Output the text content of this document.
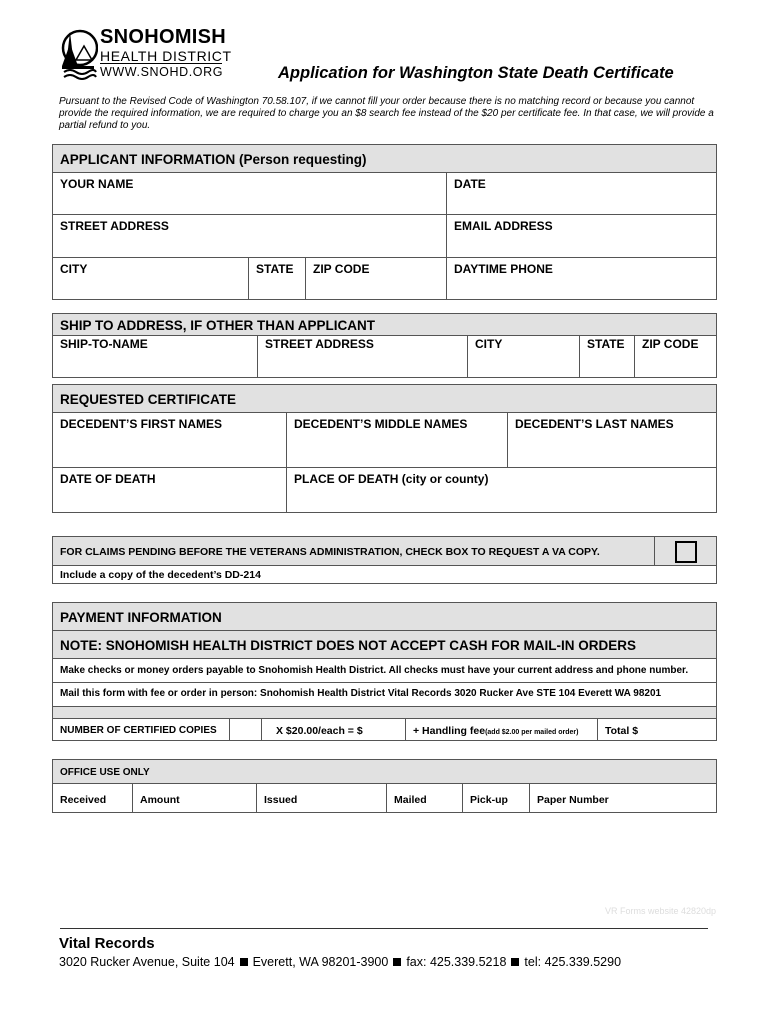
SNOHOMISH
HEALTH DISTRICT
WWW.SNOHD.ORG	Application for Washington State Death Certificate
Pursuant to the Revised Code of Washington 70.58.107, if we cannot fill your order because there is no matching record or because you cannot provide the required information, we are required to charge you an $8 search fee instead of the $20 per certificate fee. In that case, we will provide a partial refund to you.
APPLICANT INFORMATION (Person requesting)			

YOUR NAME			DATE

STREET ADDRESS			EMAIL ADDRESS

CITY	STATE	ZIP CODE	DAYTIME PHONE
SHIP TO ADDRESS, IF OTHER THAN APPLICANT

SHIP-TO-NAME	STREET ADDRESS	CITY	STATE	ZIP CODE
REQUESTED CERTIFICATE		

DECEDENT’S FIRST NAMES	DECEDENT’S MIDDLE NAMES	DECEDENT’S LAST NAMES

DATE OF DEATH	PLACE OF DEATH (city or county)	
FOR CLAIMS PENDING BEFORE THE VETERANS ADMINISTRATION, CHECK BOX TO REQUEST A VA COPY.

Include a copy of the decedent’s DD-214
PAYMENT INFORMATION

NOTE: SNOHOMISH HEALTH DISTRICT DOES NOT ACCEPT CASH FOR MAIL-IN ORDERS

Make checks or money orders payable to Snohomish Health District. All checks must have your current address and phone number.

Mail this form with fee or order in person: Snohomish Health District Vital Records 3020 Rucker Ave STE 104 Everett WA 98201

NUMBER OF CERTIFIED COPIES		X $20.00/each = $	+ Handling fee(add $2.00 per mailed order)	Total $
OFFICE USE ONLY

Received	Amount	Issued	Mailed	Pick-up	Paper Number
VR Forms website 42820dp
Vital Records
3020 Rucker Avenue, Suite 104 Everett, WA 98201-3900 fax: 425.339.5218 tel: 425.339.5290
